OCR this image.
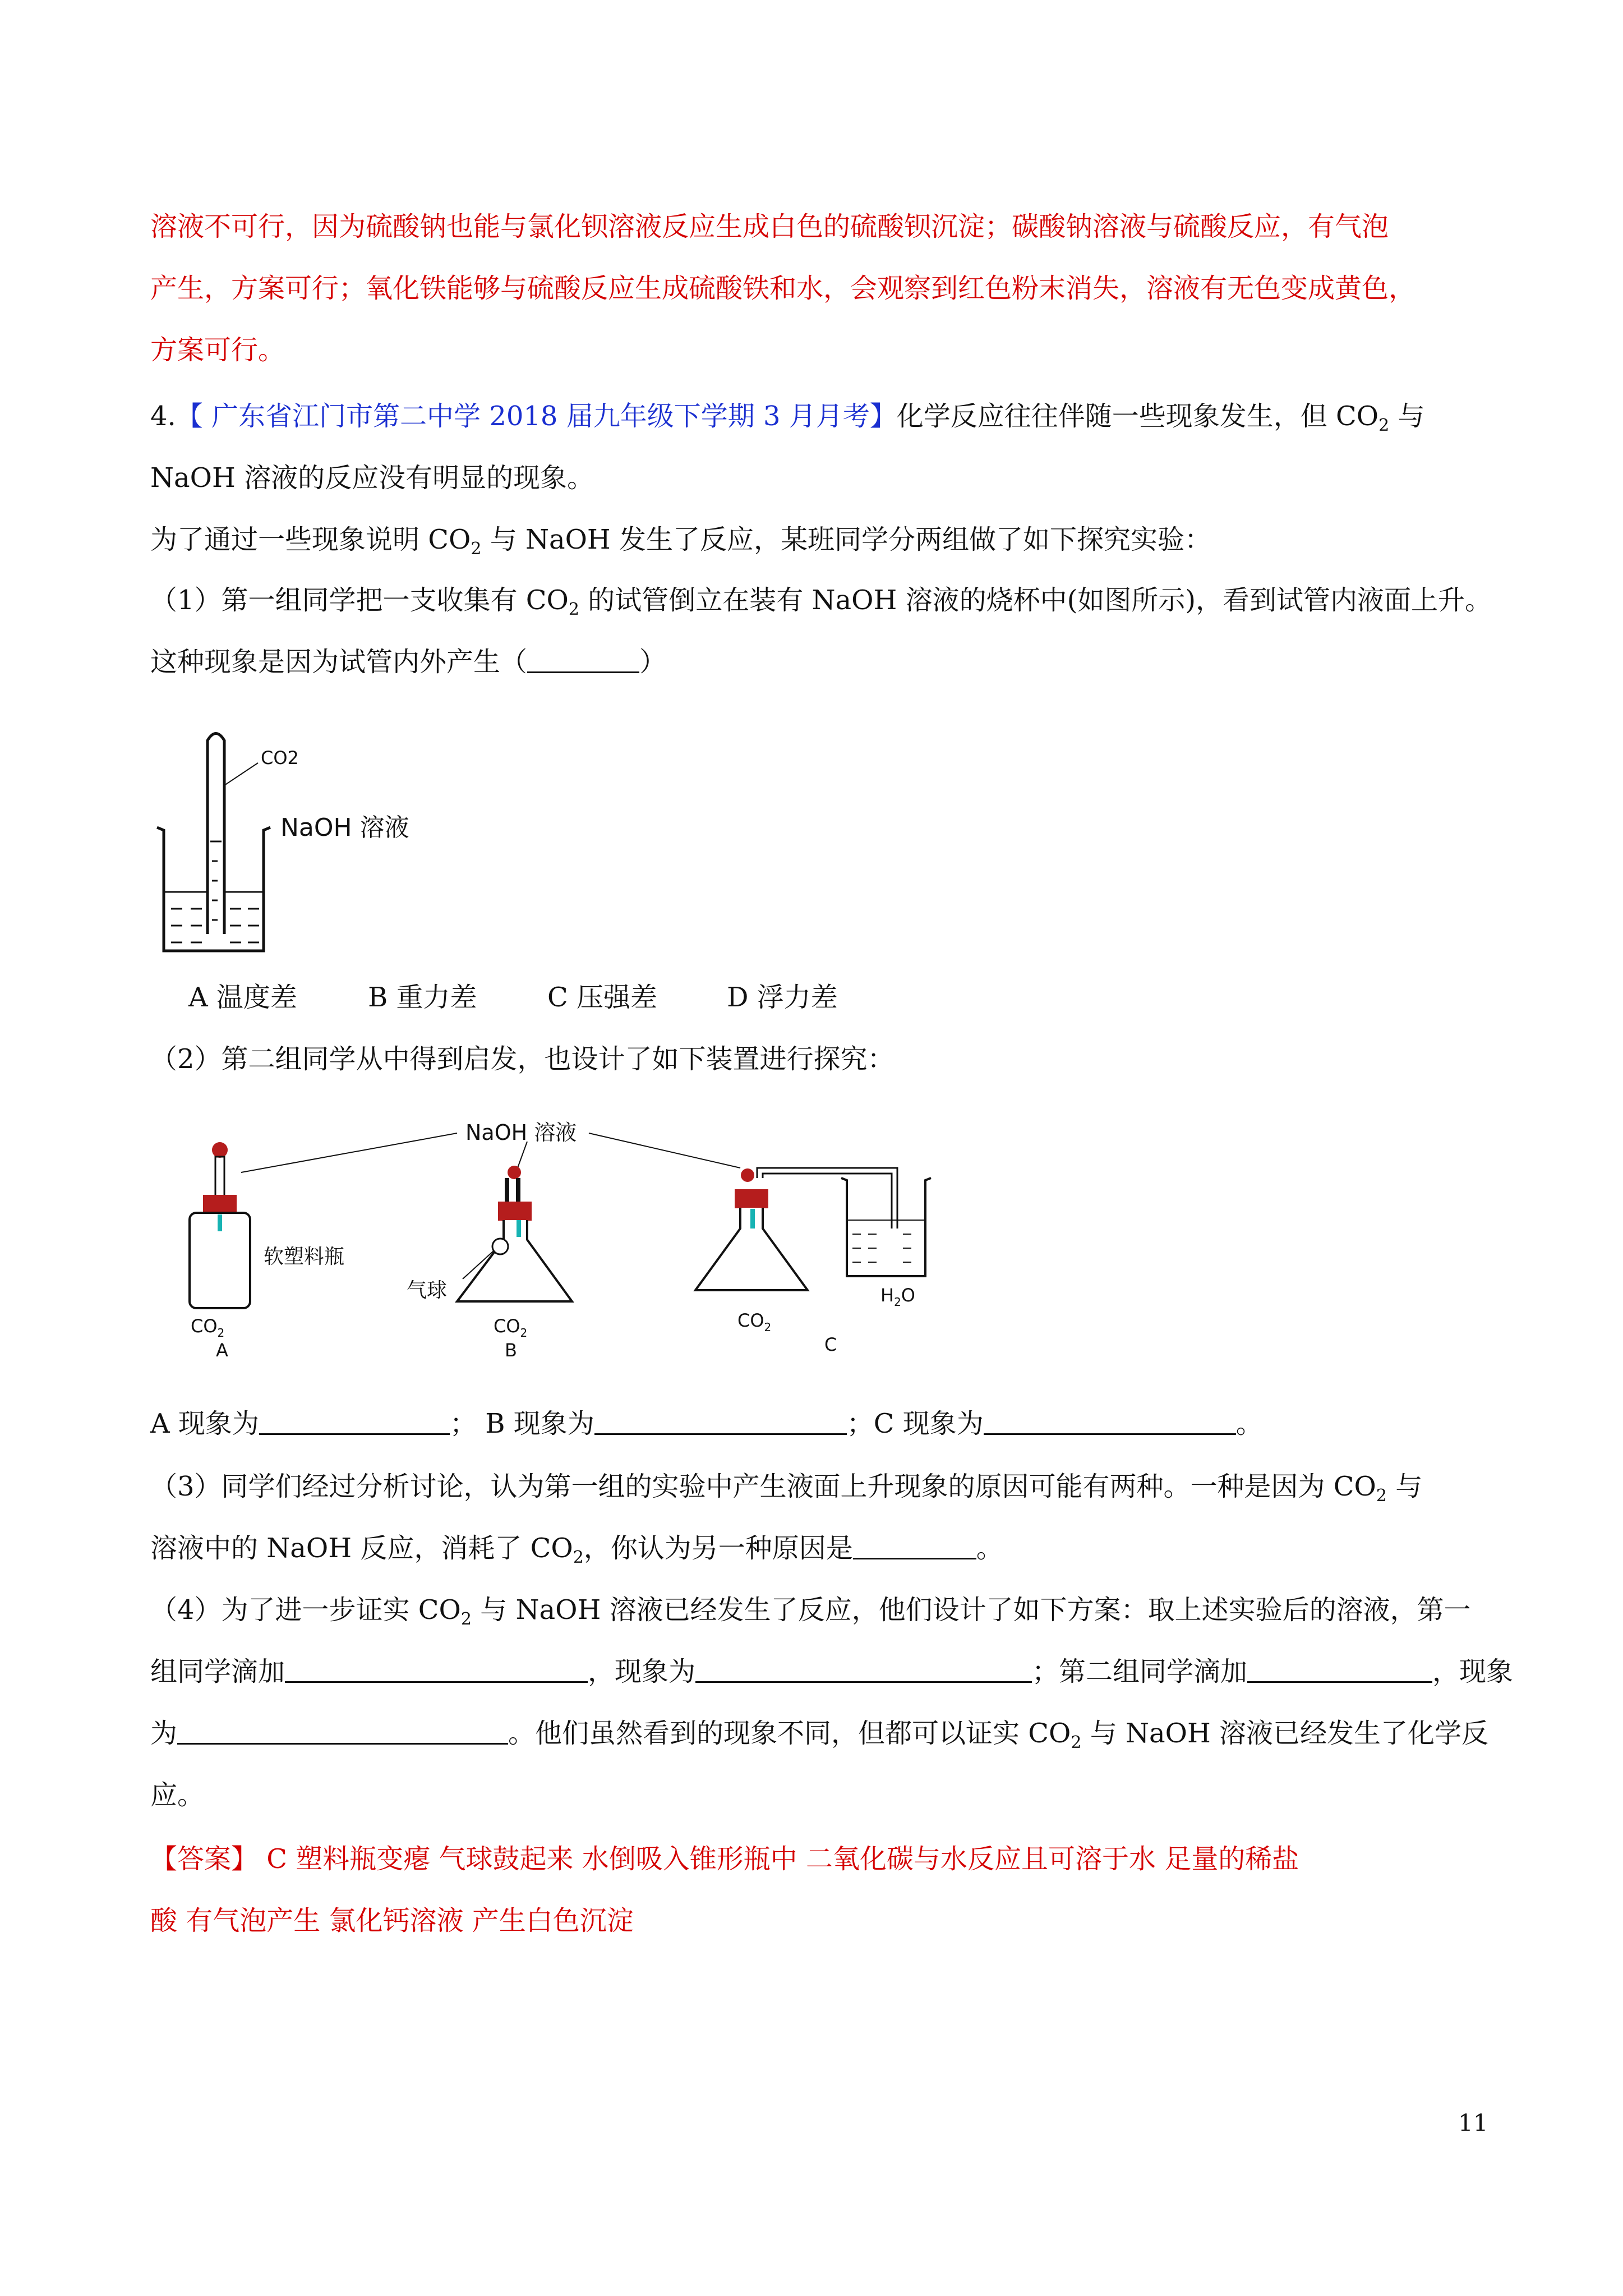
溶液不可行，因为硫酸钠也能与氯化钡溶液反应生成白色的硫酸钡沉淀；碳酸钠溶液与硫酸反应，有气泡
产生，方案可行；氧化铁能够与硫酸反应生成硫酸铁和水，会观察到红色粉末消失，溶液有无色变成黄色，
方案可行。
4.【 广东省江门市第二中学 2018 届九年级下学期 3 月月考】化学反应往往伴随一些现象发生，但 $CO_2$ 与
NaOH 溶液的反应没有明显的现象。
为了通过一些现象说明 $CO_2$ 与 NaOH 发生了反应，某班同学分两组做了如下探究实验：
（1）第一组同学把一支收集有 $CO_2$ 的试管倒立在装有 NaOH 溶液的烧杯中(如图所示)，看到试管内液面上升。
这种现象是因为试管内外产生（	）
CO2
NaOH 溶液
A 温度差	B 重力差	C 压强差	D 浮力差
（2）第二组同学从中得到启发，也设计了如下装置进行探究：
NaOH 溶液
软塑料瓶
$CO_2$
A
气球
$CO_2$
B
$CO_2$
$H_2O$
C
A 现象为	； B 现象为	；C 现象为	。
（3）同学们经过分析讨论，认为第一组的实验中产生液面上升现象的原因可能有两种。一种是因为 $CO_2$ 与
溶液中的 NaOH 反应，消耗了 $CO_2$，你认为另一种原因是	。
（4）为了进一步证实 $CO_2$ 与 NaOH 溶液已经发生了反应，他们设计了如下方案：取上述实验后的溶液，第一
组同学滴加	，现象为	；第二组同学滴加	，现象
为	。他们虽然看到的现象不同，但都可以证实 $CO_2$ 与 NaOH 溶液已经发生了化学反
应。
【答案】 C 塑料瓶变瘪 气球鼓起来 水倒吸入锥形瓶中 二氧化碳与水反应且可溶于水 足量的稀盐
酸 有气泡产生 氯化钙溶液 产生白色沉淀
11
